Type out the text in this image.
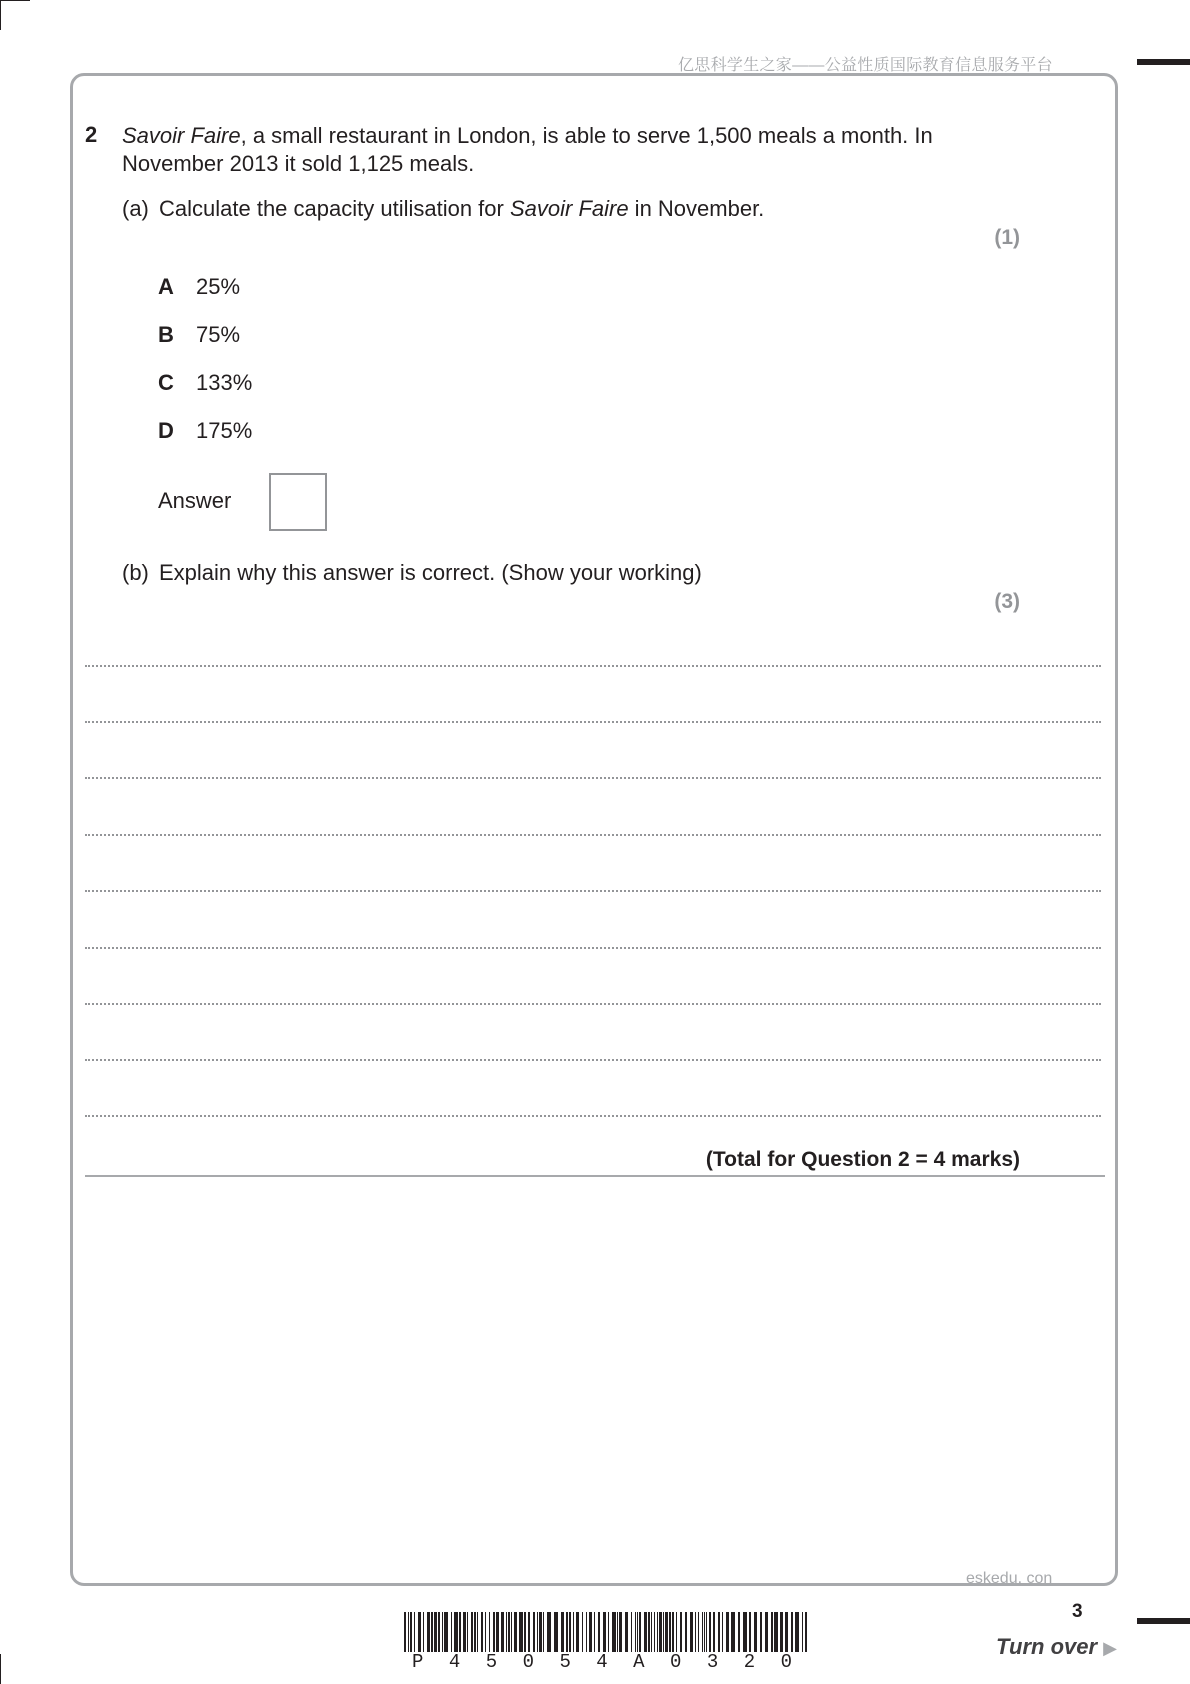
亿思科学生之家——公益性质国际教育信息服务平台
2 Savoir Faire, a small restaurant in London, is able to serve 1,500 meals a month. In
November 2013 it sold 1,125 meals.
(a) Calculate the capacity utilisation for Savoir Faire in November.
(1)
A 25%
B 75%
C 133%
D 175%
Answer
(b) Explain why this answer is correct. (Show your working)
(3)
(Total for Question 2 = 4 marks)
eskedu. con
3
Turn over ▶
P 4 5 0 5 4 A 0 3 2 0
